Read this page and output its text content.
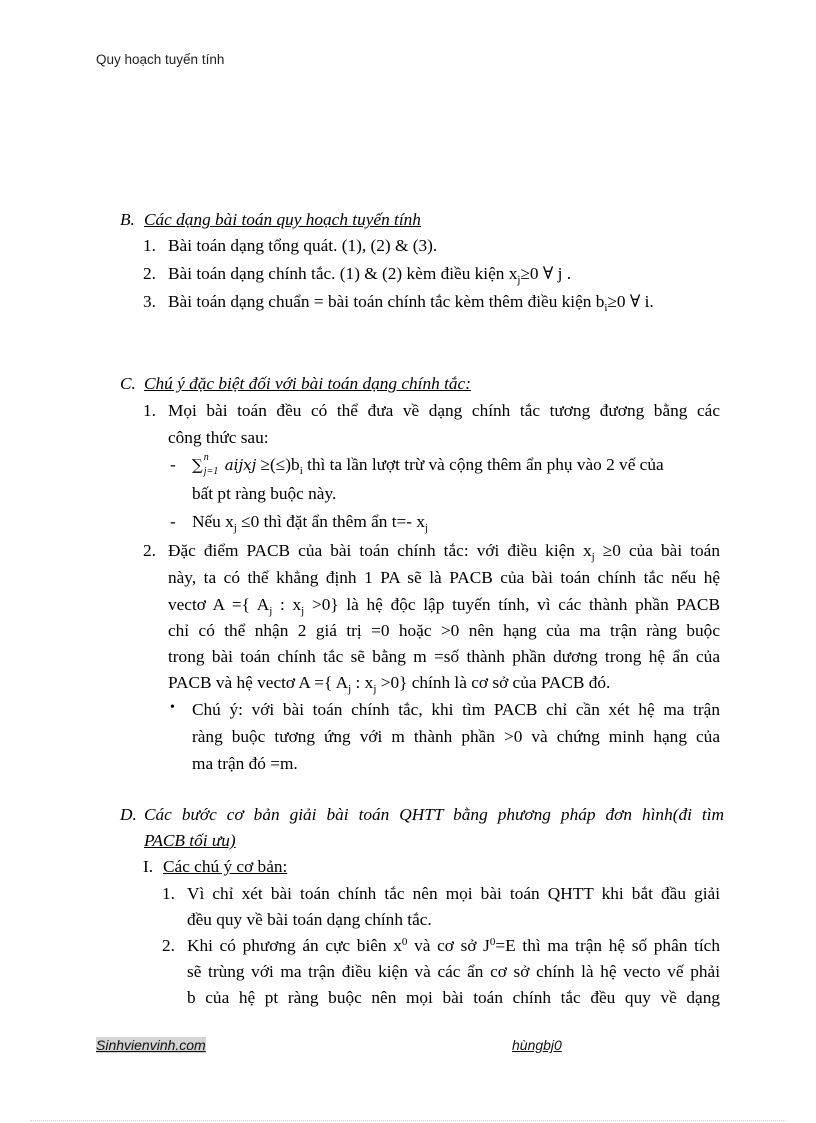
Quy hoạch tuyến tính
B. Các dạng bài toán quy hoạch tuyến tính
1. Bài toán dạng tổng quát. (1), (2) & (3).
2. Bài toán dạng chính tắc. (1) & (2) kèm điều kiện $x_j\ge 0$ ∀ j .
3. Bài toán dạng chuẩn = bài toán chính tắc kèm thêm điều kiện $b_i\ge 0$ ∀ i.
C. Chú ý đặc biệt đối với bài toán dạng chính tắc:
1. Mọi bài toán đều có thể đưa về dạng chính tắc tương đương bằng các
công thức sau:
- ∑ n
j=1 aijxj $\ge(\le)b_i$ thì ta lần lượt trừ và cộng thêm ẩn phụ vào 2 vế của
bất pt ràng buộc này.
- Nếu $x_j \le 0$ thì đặt ẩn thêm ẩn t=- $x_j$
2. Đặc điểm PACB của bài toán chính tắc: với điều kiện $x_j \ge 0$ của bài toán
này, ta có thể khẳng định 1 PA sẽ là PACB của bài toán chính tắc nếu hệ
vectơ A ={ $A_j$ : $x_j >0$} là hệ độc lập tuyến tính, vì các thành phần PACB
chỉ có thể nhận 2 giá trị =0 hoặc >0 nên hạng của ma trận ràng buộc
trong bài toán chính tắc sẽ bằng m =số thành phần dương trong hệ ẩn của
PACB và hệ vectơ A ={ $A_j$ : $x_j >0$} chính là cơ sở của PACB đó.
• Chú ý: với bài toán chính tắc, khi tìm PACB chỉ cần xét hệ ma trận
ràng buộc tương ứng với m thành phần >0 và chứng minh hạng của
ma trận đó =m.
D. Các bước cơ bản giải bài toán QHTT bằng phương pháp đơn hình(đi tìm
PACB tối ưu)
I. Các chú ý cơ bản:
1. Vì chỉ xét bài toán chính tắc nên mọi bài toán QHTT khi bắt đầu giải
đều quy về bài toán dạng chính tắc.
2. Khi có phương án cực biên $x^0$ và cơ sở $J^0=E$ thì ma trận hệ số phân tích
sẽ trùng với ma trận điều kiện và các ẩn cơ sở chính là hệ vecto vế phải
b của hệ pt ràng buộc nên mọi bài toán chính tắc đều quy về dạng
Sinhvienvinh.com	hùngbj0
